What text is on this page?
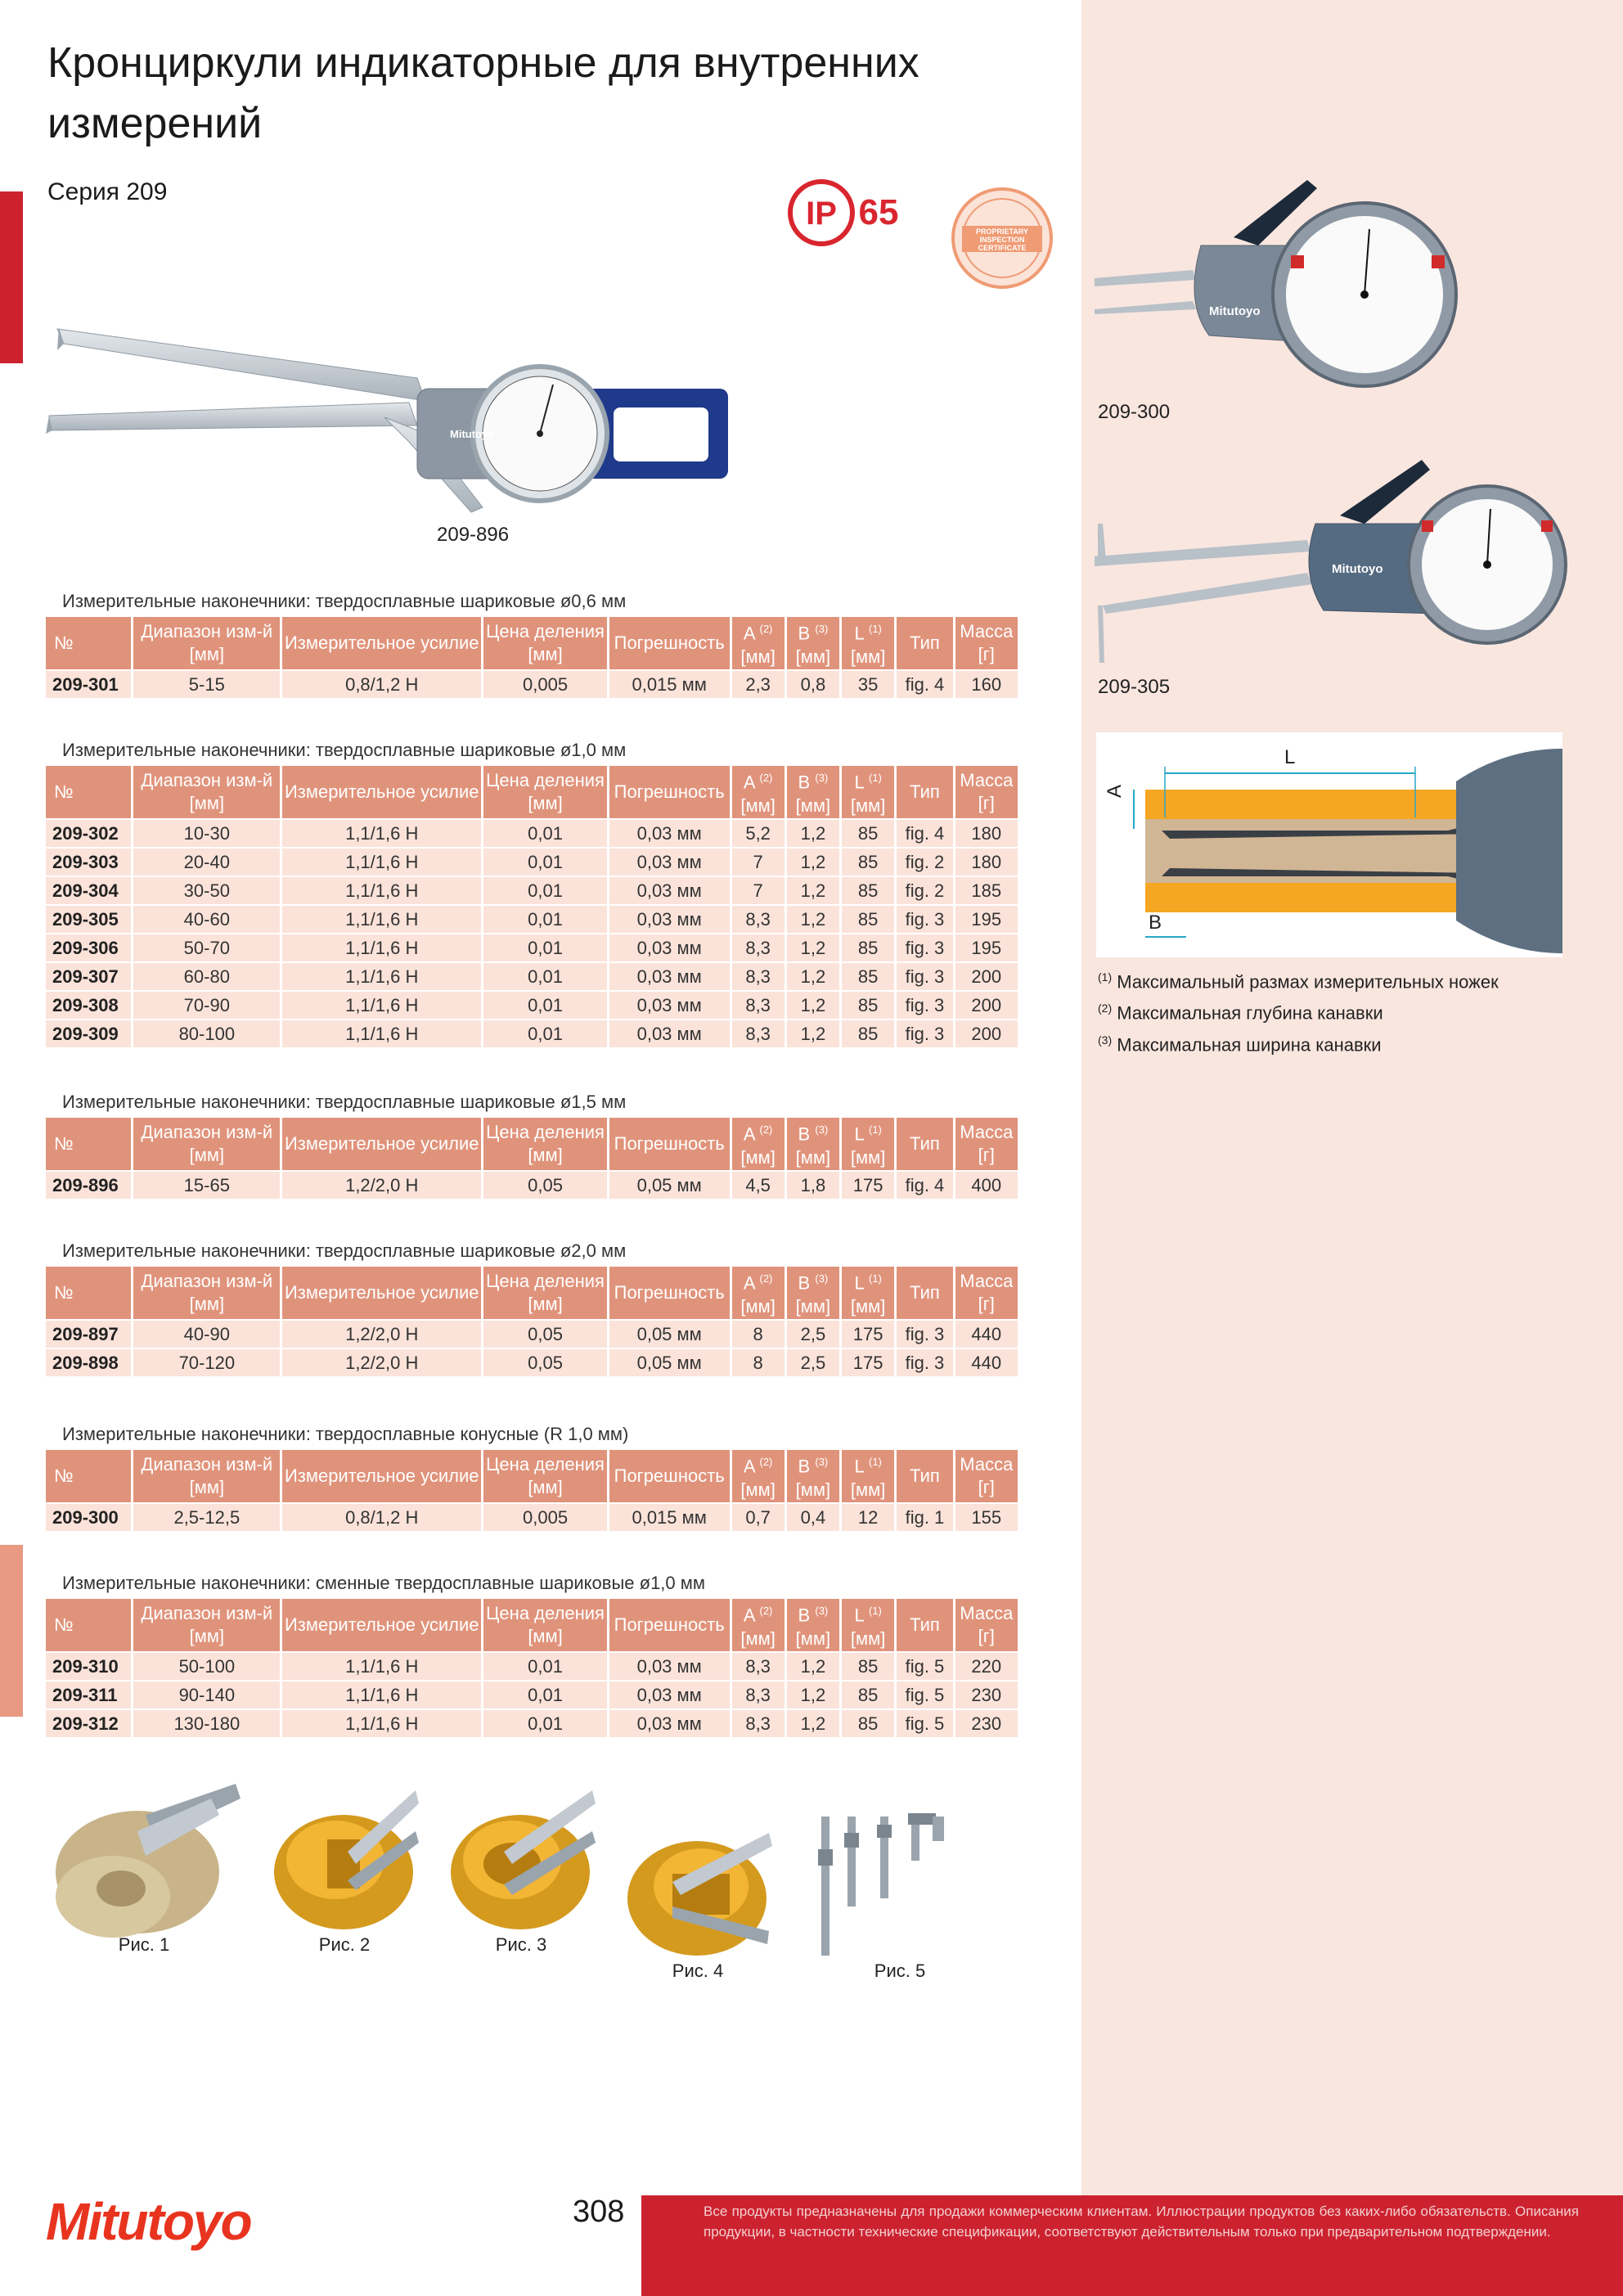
Кронциркули индикаторные для внутренних измерений
Серия 209
IP 65	PROPRIETARY
INSPECTION
CERTIFICATE
Mitutoyo
209-896
Измерительные наконечники: твердосплавные шариковые ø0,6 мм
№	Диапазон изм-й
[мм]	Измерительное усилие	Цена деления
[мм]	Погрешность	A $^{(2)}$
[мм]	B $^{(3)}$
[мм]	L $^{(1)}$
[мм]	Тип	Масса
[г]
209-301	5-15	0,8/1,2 Н	0,005	0,015 мм	2,3	0,8	35	fig. 4	160
Измерительные наконечники: твердосплавные шариковые ø1,0 мм
№	Диапазон изм-й
[мм]	Измерительное усилие	Цена деления
[мм]	Погрешность	A $^{(2)}$
[мм]	B $^{(3)}$
[мм]	L $^{(1)}$
[мм]	Тип	Масса
[г]
209-302	10-30	1,1/1,6 Н	0,01	0,03 мм	5,2	1,2	85	fig. 4	180
209-303	20-40	1,1/1,6 Н	0,01	0,03 мм	7	1,2	85	fig. 2	180
209-304	30-50	1,1/1,6 Н	0,01	0,03 мм	7	1,2	85	fig. 2	185
209-305	40-60	1,1/1,6 Н	0,01	0,03 мм	8,3	1,2	85	fig. 3	195
209-306	50-70	1,1/1,6 Н	0,01	0,03 мм	8,3	1,2	85	fig. 3	195
209-307	60-80	1,1/1,6 Н	0,01	0,03 мм	8,3	1,2	85	fig. 3	200
209-308	70-90	1,1/1,6 Н	0,01	0,03 мм	8,3	1,2	85	fig. 3	200
209-309	80-100	1,1/1,6 Н	0,01	0,03 мм	8,3	1,2	85	fig. 3	200
Измерительные наконечники: твердосплавные шариковые ø1,5 мм
№	Диапазон изм-й
[мм]	Измерительное усилие	Цена деления
[мм]	Погрешность	A $^{(2)}$
[мм]	B $^{(3)}$
[мм]	L $^{(1)}$
[мм]	Тип	Масса
[г]
209-896	15-65	1,2/2,0 Н	0,05	0,05 мм	4,5	1,8	175	fig. 4	400
Измерительные наконечники: твердосплавные шариковые ø2,0 мм
№	Диапазон изм-й
[мм]	Измерительное усилие	Цена деления
[мм]	Погрешность	A $^{(2)}$
[мм]	B $^{(3)}$
[мм]	L $^{(1)}$
[мм]	Тип	Масса
[г]
209-897	40-90	1,2/2,0 Н	0,05	0,05 мм	8	2,5	175	fig. 3	440
209-898	70-120	1,2/2,0 Н	0,05	0,05 мм	8	2,5	175	fig. 3	440
Измерительные наконечники: твердосплавные конусные (R 1,0 мм)
№	Диапазон изм-й
[мм]	Измерительное усилие	Цена деления
[мм]	Погрешность	A $^{(2)}$
[мм]	B $^{(3)}$
[мм]	L $^{(1)}$
[мм]	Тип	Масса
[г]
209-300	2,5-12,5	0,8/1,2 Н	0,005	0,015 мм	0,7	0,4	12	fig. 1	155
Измерительные наконечники: сменные твердосплавные шариковые ø1,0 мм
№	Диапазон изм-й
[мм]	Измерительное усилие	Цена деления
[мм]	Погрешность	A $^{(2)}$
[мм]	B $^{(3)}$
[мм]	L $^{(1)}$
[мм]	Тип	Масса
[г]
209-310	50-100	1,1/1,6 Н	0,01	0,03 мм	8,3	1,2	85	fig. 5	220
209-311	90-140	1,1/1,6 Н	0,01	0,03 мм	8,3	1,2	85	fig. 5	230
209-312	130-180	1,1/1,6 Н	0,01	0,03 мм	8,3	1,2	85	fig. 5	230
Рис. 1	Рис. 2	Рис. 3
Рис. 4	Рис. 5
Mitutoyo
209-300
Mitutoyo
209-305
L
A
B
$^{(1)}$ Максимальный размах измерительных ножек
$^{(2)}$ Максимальная глубина канавки
$^{(3)}$ Максимальная ширина канавки
Mitutoyo	308	Все продукты предназначены для продажи коммерческим клиентам. Иллюстрации продуктов без каких-либо обязательств. Описания продукции, в частности технические спецификации, соответствуют действительным только при предварительном подтверждении.
